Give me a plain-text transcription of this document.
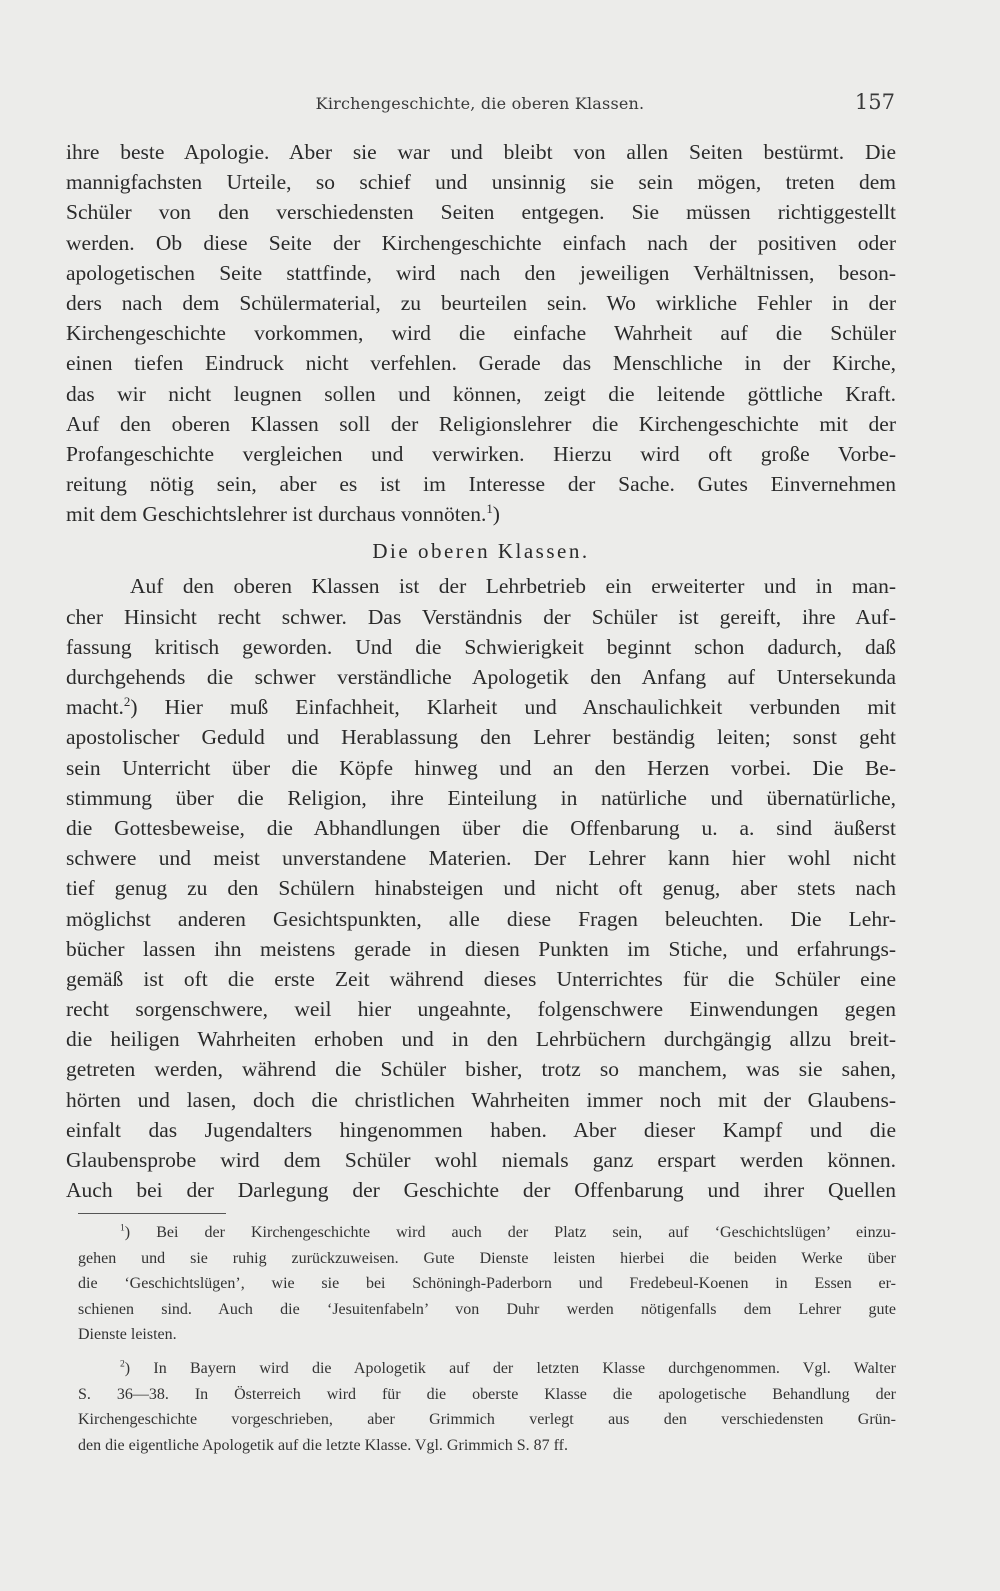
Kirchengeschichte, die oberen Klassen.	157
ihre beste Apologie. Aber sie war und bleibt von allen Seiten bestürmt. Die
mannigfachsten Urteile, so schief und unsinnig sie sein mögen, treten dem
Schüler von den verschiedensten Seiten entgegen. Sie müssen richtiggestellt
werden. Ob diese Seite der Kirchengeschichte einfach nach der positiven oder
apologetischen Seite stattfinde, wird nach den jeweiligen Verhältnissen, beson-
ders nach dem Schülermaterial, zu beurteilen sein. Wo wirkliche Fehler in der
Kirchengeschichte vorkommen, wird die einfache Wahrheit auf die Schüler
einen tiefen Eindruck nicht verfehlen. Gerade das Menschliche in der Kirche,
das wir nicht leugnen sollen und können, zeigt die leitende göttliche Kraft.
Auf den oberen Klassen soll der Religionslehrer die Kirchengeschichte mit der
Profangeschichte vergleichen und verwirken. Hierzu wird oft große Vorbe-
reitung nötig sein, aber es ist im Interesse der Sache. Gutes Einvernehmen
mit dem Geschichtslehrer ist durchaus vonnöten.$^1$)
Die oberen Klassen.
Auf den oberen Klassen ist der Lehrbetrieb ein erweiterter und in man-
cher Hinsicht recht schwer. Das Verständnis der Schüler ist gereift, ihre Auf-
fassung kritisch geworden. Und die Schwierigkeit beginnt schon dadurch, daß
durchgehends die schwer verständliche Apologetik den Anfang auf Untersekunda
macht.$^2$) Hier muß Einfachheit, Klarheit und Anschaulichkeit verbunden mit
apostolischer Geduld und Herablassung den Lehrer beständig leiten; sonst geht
sein Unterricht über die Köpfe hinweg und an den Herzen vorbei. Die Be-
stimmung über die Religion, ihre Einteilung in natürliche und übernatürliche,
die Gottesbeweise, die Abhandlungen über die Offenbarung u. a. sind äußerst
schwere und meist unverstandene Materien. Der Lehrer kann hier wohl nicht
tief genug zu den Schülern hinabsteigen und nicht oft genug, aber stets nach
möglichst anderen Gesichtspunkten, alle diese Fragen beleuchten. Die Lehr-
bücher lassen ihn meistens gerade in diesen Punkten im Stiche, und erfahrungs-
gemäß ist oft die erste Zeit während dieses Unterrichtes für die Schüler eine
recht sorgenschwere, weil hier ungeahnte, folgenschwere Einwendungen gegen
die heiligen Wahrheiten erhoben und in den Lehrbüchern durchgängig allzu breit-
getreten werden, während die Schüler bisher, trotz so manchem, was sie sahen,
hörten und lasen, doch die christlichen Wahrheiten immer noch mit der Glaubens-
einfalt das Jugendalters hingenommen haben. Aber dieser Kampf und die
Glaubensprobe wird dem Schüler wohl niemals ganz erspart werden können.
Auch bei der Darlegung der Geschichte der Offenbarung und ihrer Quellen
$^1$) Bei der Kirchengeschichte wird auch der Platz sein, auf ‘Geschichtslügen’ einzu-
gehen und sie ruhig zurückzuweisen. Gute Dienste leisten hierbei die beiden Werke über
die ‘Geschichtslügen’, wie sie bei Schöningh-Paderborn und Fredebeul-Koenen in Essen er-
schienen sind. Auch die ‘Jesuitenfabeln’ von Duhr werden nötigenfalls dem Lehrer gute
Dienste leisten.
$^2$) In Bayern wird die Apologetik auf der letzten Klasse durchgenommen. Vgl. Walter
S. 36—38. In Österreich wird für die oberste Klasse die apologetische Behandlung der
Kirchengeschichte vorgeschrieben, aber Grimmich verlegt aus den verschiedensten Grün-
den die eigentliche Apologetik auf die letzte Klasse. Vgl. Grimmich S. 87 ff.
